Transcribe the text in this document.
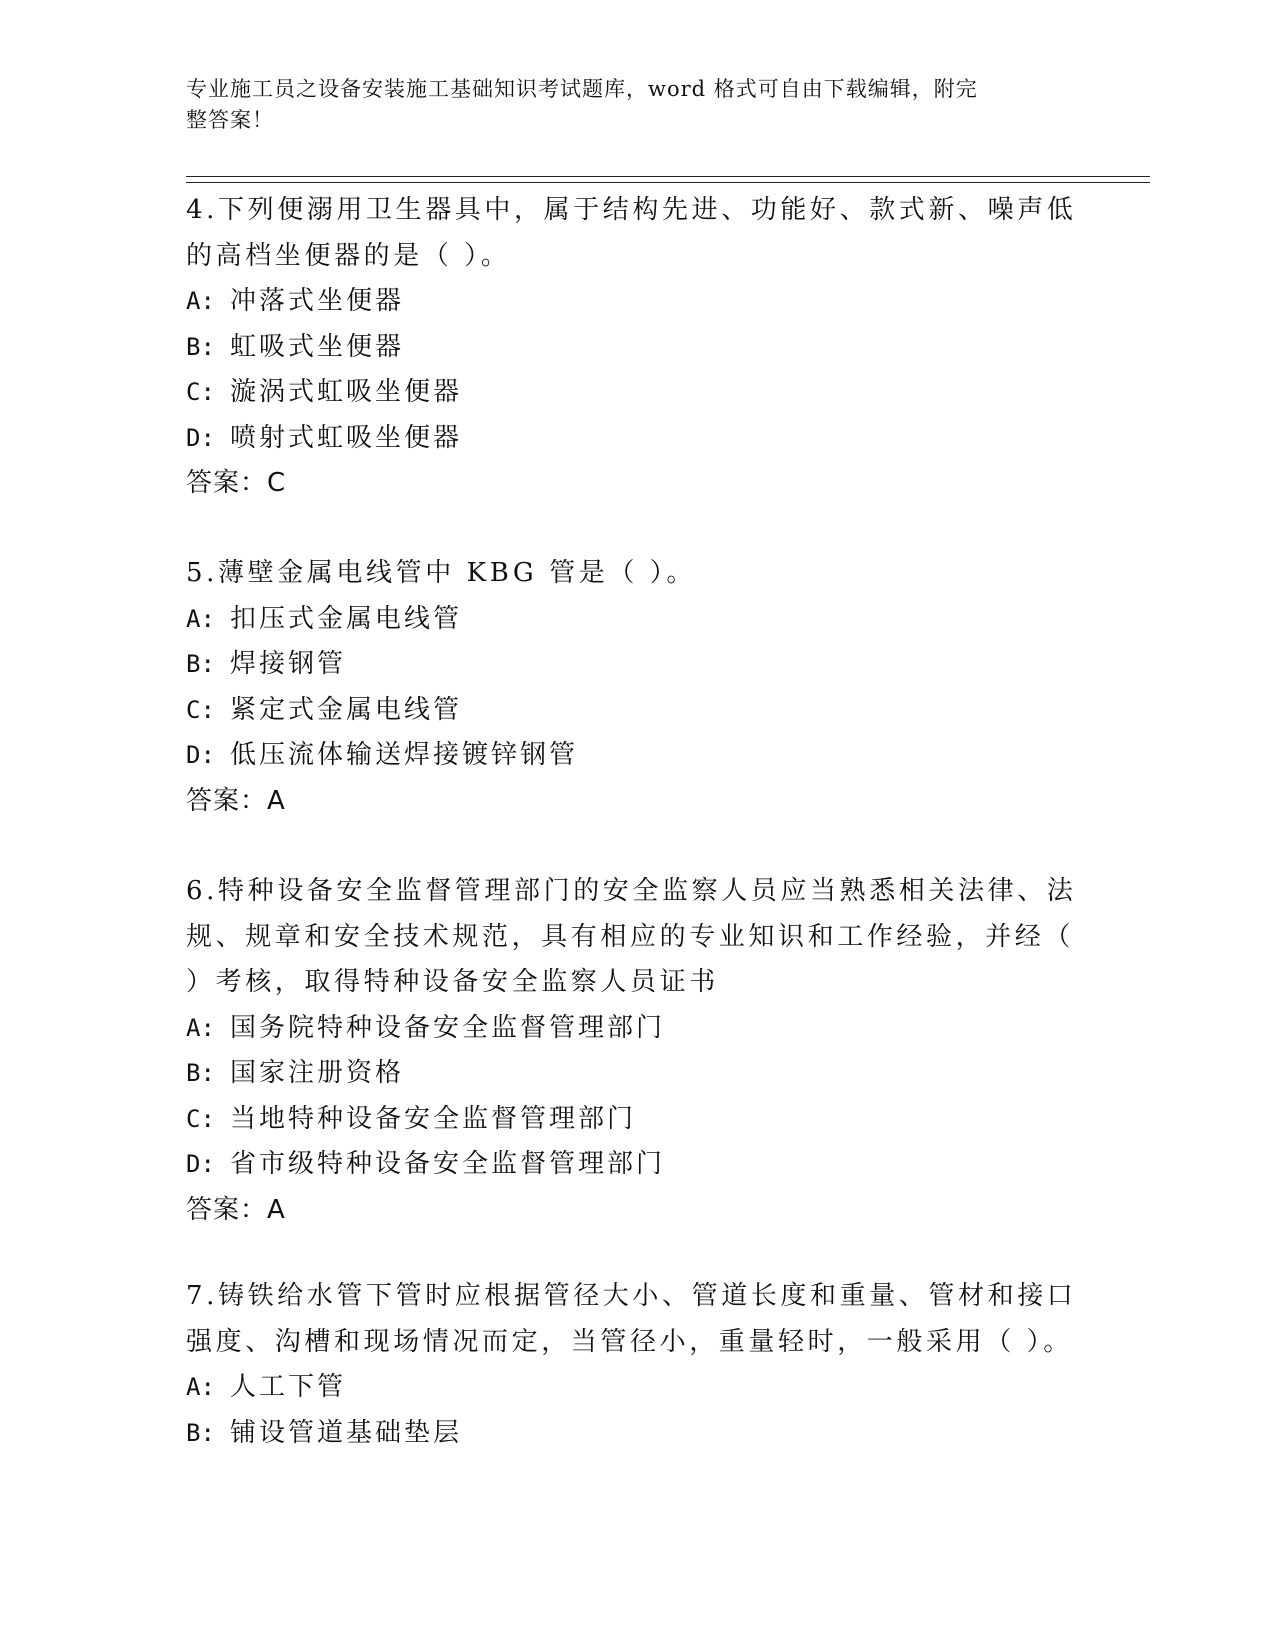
专业施工员之设备安装施工基础知识考试题库，word 格式可自由下载编辑，附完
整答案！
4.下列便溺用卫生器具中，属于结构先进、功能好、款式新、噪声低
的高档坐便器的是（ ）。
A: 冲落式坐便器
B: 虹吸式坐便器
C: 漩涡式虹吸坐便器
D: 喷射式虹吸坐便器
答案：C
5.薄壁金属电线管中 KBG 管是（ ）。
A: 扣压式金属电线管
B: 焊接钢管
C: 紧定式金属电线管
D: 低压流体输送焊接镀锌钢管
答案：A
6.特种设备安全监督管理部门的安全监察人员应当熟悉相关法律、法
规、规章和安全技术规范，具有相应的专业知识和工作经验，并经（
）考核，取得特种设备安全监察人员证书
A: 国务院特种设备安全监督管理部门
B: 国家注册资格
C: 当地特种设备安全监督管理部门
D: 省市级特种设备安全监督管理部门
答案：A
7.铸铁给水管下管时应根据管径大小、管道长度和重量、管材和接口
强度、沟槽和现场情况而定，当管径小，重量轻时，一般采用（ ）。
A: 人工下管
B: 铺设管道基础垫层
